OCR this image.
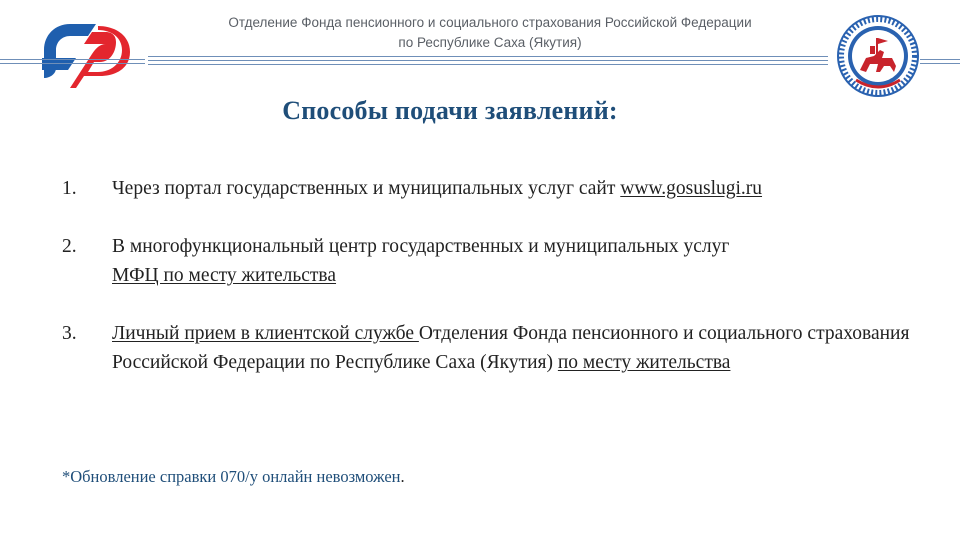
Отделение Фонда пенсионного и социального страхования Российской Федерации
по Республике Саха (Якутия)
Способы подачи заявлений:
1.	Через портал государственных и муниципальных услуг сайт www.gosuslugi.ru
2.	В многофункциональный центр государственных и муниципальных услуг
МФЦ по месту жительства
3.	Личный прием в клиентской службе Отделения Фонда пенсионного и социального страхования Российской Федерации по Республике Саха (Якутия) по месту жительства
*Обновление справки 070/у онлайн невозможен.
